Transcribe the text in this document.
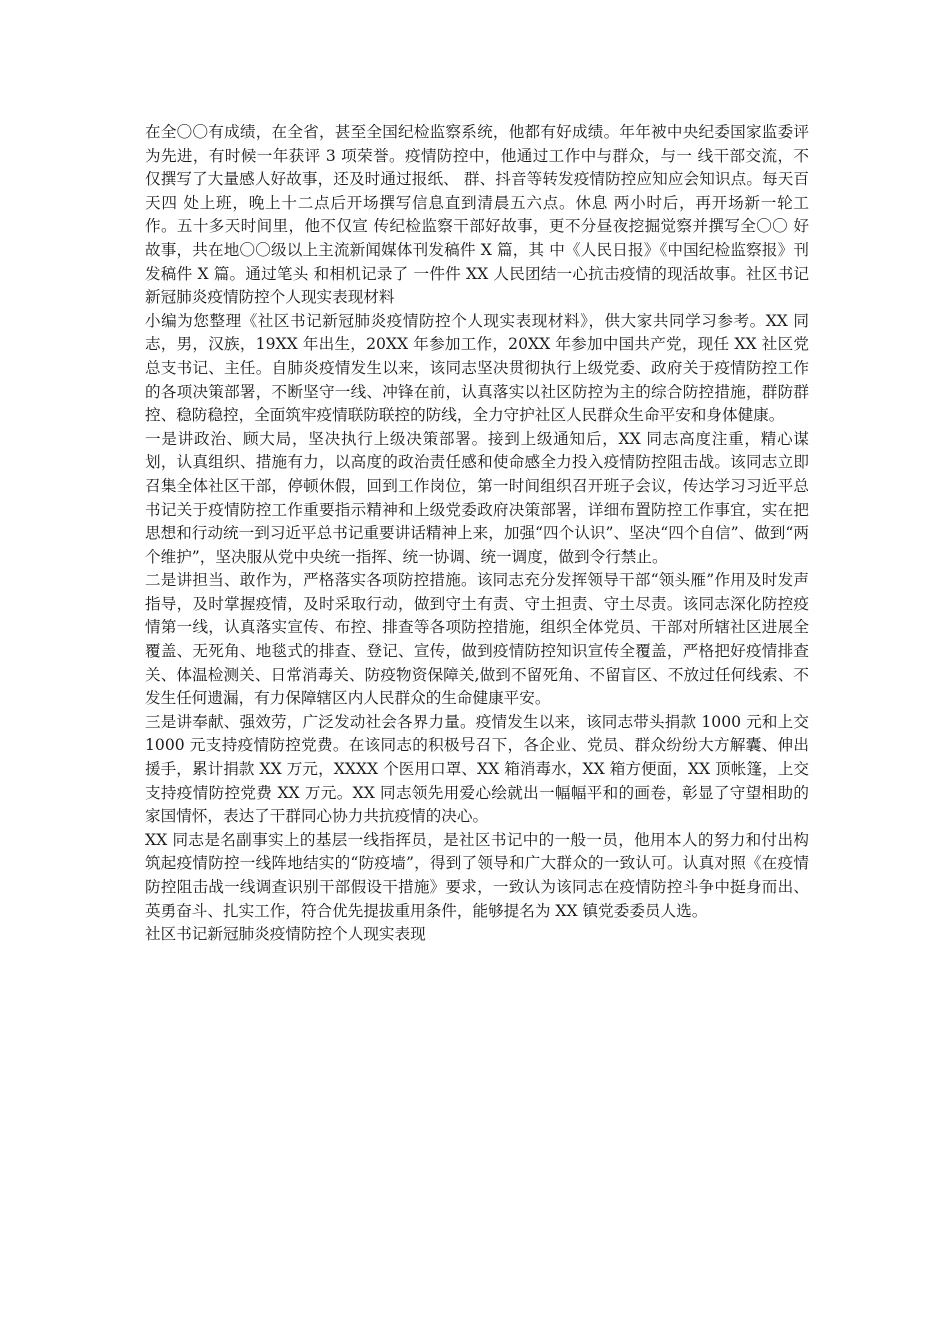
在全〇〇有成绩，在全省，甚至全国纪检监察系统，他都有好成绩。年年被中央纪委国家监委评为先进，有时候一年获评 3 项荣誉。疫情防控中，他通过工作中与群众，与一 线干部交流，不仅撰写了大量感人好故事，还及时通过报纸、 群、抖音等转发疫情防控应知应会知识点。每天百天四 处上班，晚上十二点后开场撰写信息直到清晨五六点。休息 两小时后，再开场新一轮工作。五十多天时间里，他不仅宣 传纪检监察干部好故事，更不分昼夜挖掘觉察并撰写全〇〇 好故事，共在地〇〇级以上主流新闻媒体刊发稿件 X 篇，其 中《人民日报》《中国纪检监察报》刊发稿件 X 篇。通过笔头 和相机记录了 一件件 XX 人民团结一心抗击疫情的现活故事。社区书记新冠肺炎疫情防控个人现实表现材料

小编为您整理《社区书记新冠肺炎疫情防控个人现实表现材料》，供大家共同学习参考。XX 同志，男，汉族，19XX 年出生，20XX 年参加工作，20XX 年参加中国共产党，现任 XX 社区党总支书记、主任。自肺炎疫情发生以来，该同志坚决贯彻执行上级党委、政府关于疫情防控工作的各项决策部署，不断坚守一线、冲锋在前，认真落实以社区防控为主的综合防控措施，群防群控、稳防稳控，全面筑牢疫情联防联控的防线，全力守护社区人民群众生命平安和身体健康。

一是讲政治、顾大局，坚决执行上级决策部署。接到上级通知后，XX 同志高度注重，精心谋划，认真组织、措施有力，以高度的政治责任感和使命感全力投入疫情防控阻击战。该同志立即召集全体社区干部，停顿休假，回到工作岗位，第一时间组织召开班子会议，传达学习习近平总书记关于疫情防控工作重要指示精神和上级党委政府决策部署，详细布置防控工作事宜，实在把思想和行动统一到习近平总书记重要讲话精神上来，加强“四个认识”、坚决“四个自信”、做到“两个维护”，坚决服从党中央统一指挥、统一协调、统一调度，做到令行禁止。

二是讲担当、敢作为，严格落实各项防控措施。该同志充分发挥领导干部“领头雁”作用及时发声指导，及时掌握疫情，及时采取行动，做到守土有责、守土担责、守土尽责。该同志深化防控疫情第一线，认真落实宣传、布控、排查等各项防控措施，组织全体党员、干部对所辖社区进展全覆盖、无死角、地毯式的排查、登记、宣传，做到疫情防控知识宣传全覆盖，严格把好疫情排查关、体温检测关、日常消毒关、防疫物资保障关,做到不留死角、不留盲区、不放过任何线索、不发生任何遗漏，有力保障辖区内人民群众的生命健康平安。

三是讲奉献、强效劳，广泛发动社会各界力量。疫情发生以来，该同志带头捐款 1000 元和上交 1000 元支持疫情防控党费。在该同志的积极号召下，各企业、党员、群众纷纷大方解囊、伸出援手，累计捐款 XX 万元，XXXX 个医用口罩、XX 箱消毒水，XX 箱方便面，XX 顶帐篷，上交支持疫情防控党费 XX 万元。XX 同志领先用爱心绘就出一幅幅平和的画卷，彰显了守望相助的家国情怀，表达了干群同心协力共抗疫情的决心。

XX 同志是名副事实上的基层一线指挥员，是社区书记中的一般一员，他用本人的努力和付出构筑起疫情防控一线阵地结实的“防疫墙”，得到了领导和广大群众的一致认可。认真对照《在疫情防控阻击战一线调查识别干部假设干措施》要求，一致认为该同志在疫情防控斗争中挺身而出、英勇奋斗、扎实工作，符合优先提拔重用条件，能够提名为 XX 镇党委委员人选。

社区书记新冠肺炎疫情防控个人现实表现
